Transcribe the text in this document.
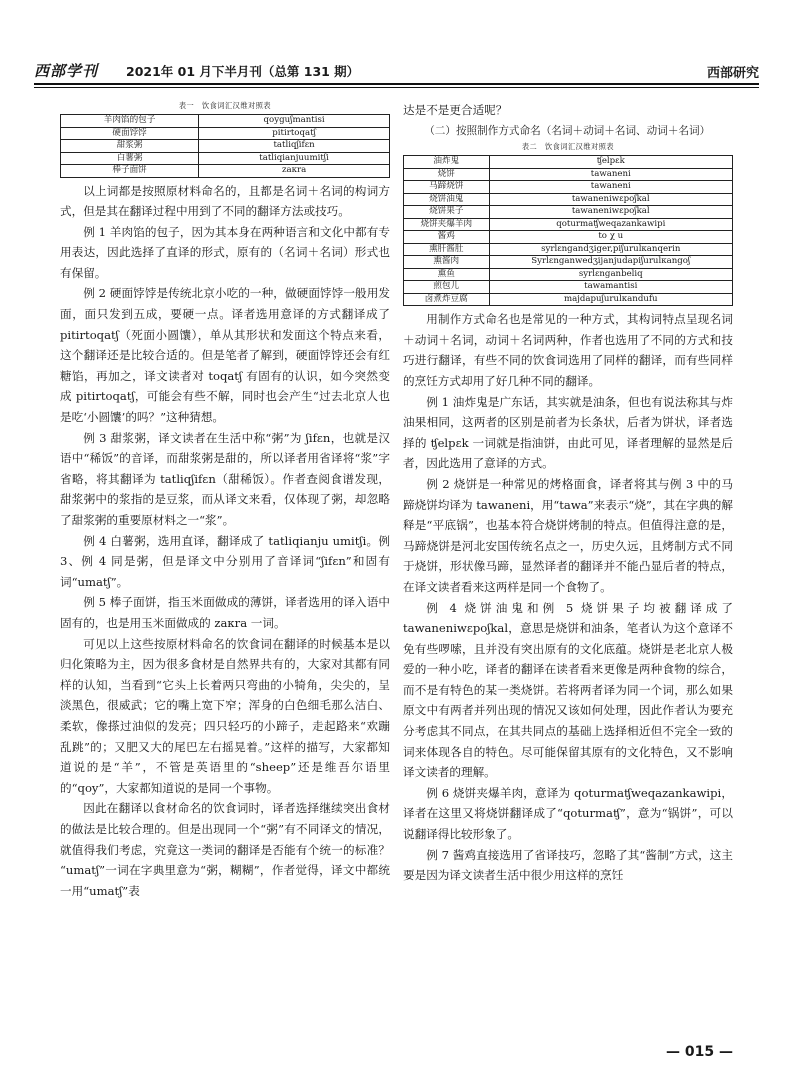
西部学刊 2021年 01 月下半月刊（总第 131 期）	西部研究
表一　饮食词汇汉维对照表
羊肉馅的包子	qoyguʃmantisi
硬面饽饽	pitirtoqatʃ
甜浆粥	tatliqʃifɛn
白薯粥	tatliqianjuumitʃi
棒子面饼	zaкra

以上词都是按照原材料命名的，且都是名词＋名词的构词方式，但是其在翻译过程中用到了不同的翻译方法或技巧。

例 1 羊肉馅的包子，因为其本身在两种语言和文化中都有专用表达，因此选择了直译的形式，原有的（名词＋名词）形式也有保留。

例 2 硬面饽饽是传统北京小吃的一种，做硬面饽饽一般用发面，面只发到五成，要硬一点。译者选用意译的方式翻译成了 pitirtoqatʃ（死面小圆馕），单从其形状和发面这个特点来看，这个翻译还是比较合适的。但是笔者了解到，硬面饽饽还会有红糖馅，再加之，译文读者对 toqatʃ 有固有的认识，如今突然变成 pitirtoqatʃ，可能会有些不解，同时也会产生“过去北京人也是吃‘小圆馕’的吗？”这种猜想。

例 3 甜浆粥，译文读者在生活中称“粥”为 ʃifɛn，也就是汉语中“稀饭”的音译，而甜浆粥是甜的，所以译者用省译将“浆”字省略，将其翻译为 tatliqʃifɛn（甜稀饭）。作者查阅食谱发现，甜浆粥中的浆指的是豆浆，而从译文来看，仅体现了粥，却忽略了甜浆粥的重要原材料之一“浆”。

例 4 白薯粥，选用直译，翻译成了 tatliqianju umitʃi。例 3、例 4 同是粥，但是译文中分别用了音译词“ʃifɛn”和固有词“umatʃ”。

例 5 棒子面饼，指玉米面做成的薄饼，译者选用的译入语中固有的，也是用玉米面做成的 zaкra 一词。

可见以上这些按原材料命名的饮食词在翻译的时候基本是以归化策略为主，因为很多食材是自然界共有的，大家对其都有同样的认知，当看到“它头上长着两只弯曲的小犄角，尖尖的，呈淡黑色，很威武；它的嘴上宽下窄；浑身的白色细毛那么洁白、柔软，像搽过油似的发亮；四只轻巧的小蹄子，走起路来“欢蹦乱跳”的；又肥又大的尾巴左右摇晃着。”这样的描写，大家都知道说的是“羊”，不管是英语里的“sheep”还是维吾尔语里的“qoy”，大家都知道说的是同一个事物。

因此在翻译以食材命名的饮食词时，译者选择继续突出食材的做法是比较合理的。但是出现同一个“粥”有不同译文的情况，就值得我们考虑，究竟这一类词的翻译是否能有个统一的标准？ “umatʃ”一词在字典里意为“粥，糊糊”，作者觉得，译文中都统一用“umatʃ”表

达是不是更合适呢？

（二）按照制作方式命名（名词＋动词＋名词、动词＋名词）

表二　饮食词汇汉维对照表
油炸鬼	ʧelpɛk
烧饼	tawaneni
马蹄烧饼	tawaneni
烧饼油鬼	tawaneniwɛpoʃkal
烧饼果子	tawaneniwɛpoʃkal
烧饼夹爆羊肉	qoturmaʧweqazankawipi
酱鸡	to χ u
熏肝酱肚	syrlɛngandʒiger,piʃurulкanqerin
熏酱肉	Syrlɛnganwedʒijanjudapiʃurulкangoʃ
熏鱼	syrlɛnganbeliq
煎包儿	tawamantisi
卤煮炸豆腐	majdapuʃurulкandufu

用制作方式命名也是常见的一种方式，其构词特点呈现名词＋动词＋名词，动词＋名词两种，作者也选用了不同的方式和技巧进行翻译，有些不同的饮食词选用了同样的翻译，而有些同样的烹饪方式却用了好几种不同的翻译。

例 1 油炸鬼是广东话，其实就是油条，但也有说法称其与炸油果相同，这两者的区别是前者为长条状，后者为饼状，译者选择的 ʧelpɛk 一词就是指油饼，由此可见，译者理解的显然是后者，因此选用了意译的方式。

例 2 烧饼是一种常见的烤格面食，译者将其与例 3 中的马蹄烧饼均译为 tawaneni，用“tawa”来表示“烧”，其在字典的解释是“平底锅”，也基本符合烧饼烤制的特点。但值得注意的是，马蹄烧饼是河北安国传统名点之一，历史久远，且烤制方式不同于烧饼，形状像马蹄，显然译者的翻译并不能凸显后者的特点，在译文读者看来这两样是同一个食物了。

例 4 烧饼油鬼和例 5 烧饼果子均被翻译成了 tawaneniwɛpoʃkal，意思是烧饼和油条，笔者认为这个意译不免有些啰嗦，且并没有突出原有的文化底蕴。烧饼是老北京人极爱的一种小吃，译者的翻译在读者看来更像是两种食物的综合，而不是有特色的某一类烧饼。若将两者译为同一个词，那么如果原文中有两者并列出现的情况又该如何处理，因此作者认为要充分考虑其不同点，在其共同点的基础上选择相近但不完全一致的词来体现各自的特色。尽可能保留其原有的文化特色，又不影响译文读者的理解。

例 6 烧饼夹爆羊肉，意译为 qoturmaʧweqazankawipi，译者在这里又将烧饼翻译成了“qoturmaʧ”，意为“锅饼”，可以说翻译得比较形象了。

例 7 酱鸡直接选用了省译技巧，忽略了其“酱制”方式，这主要是因为译文读者生活中很少用这样的烹饪

— 015 —
